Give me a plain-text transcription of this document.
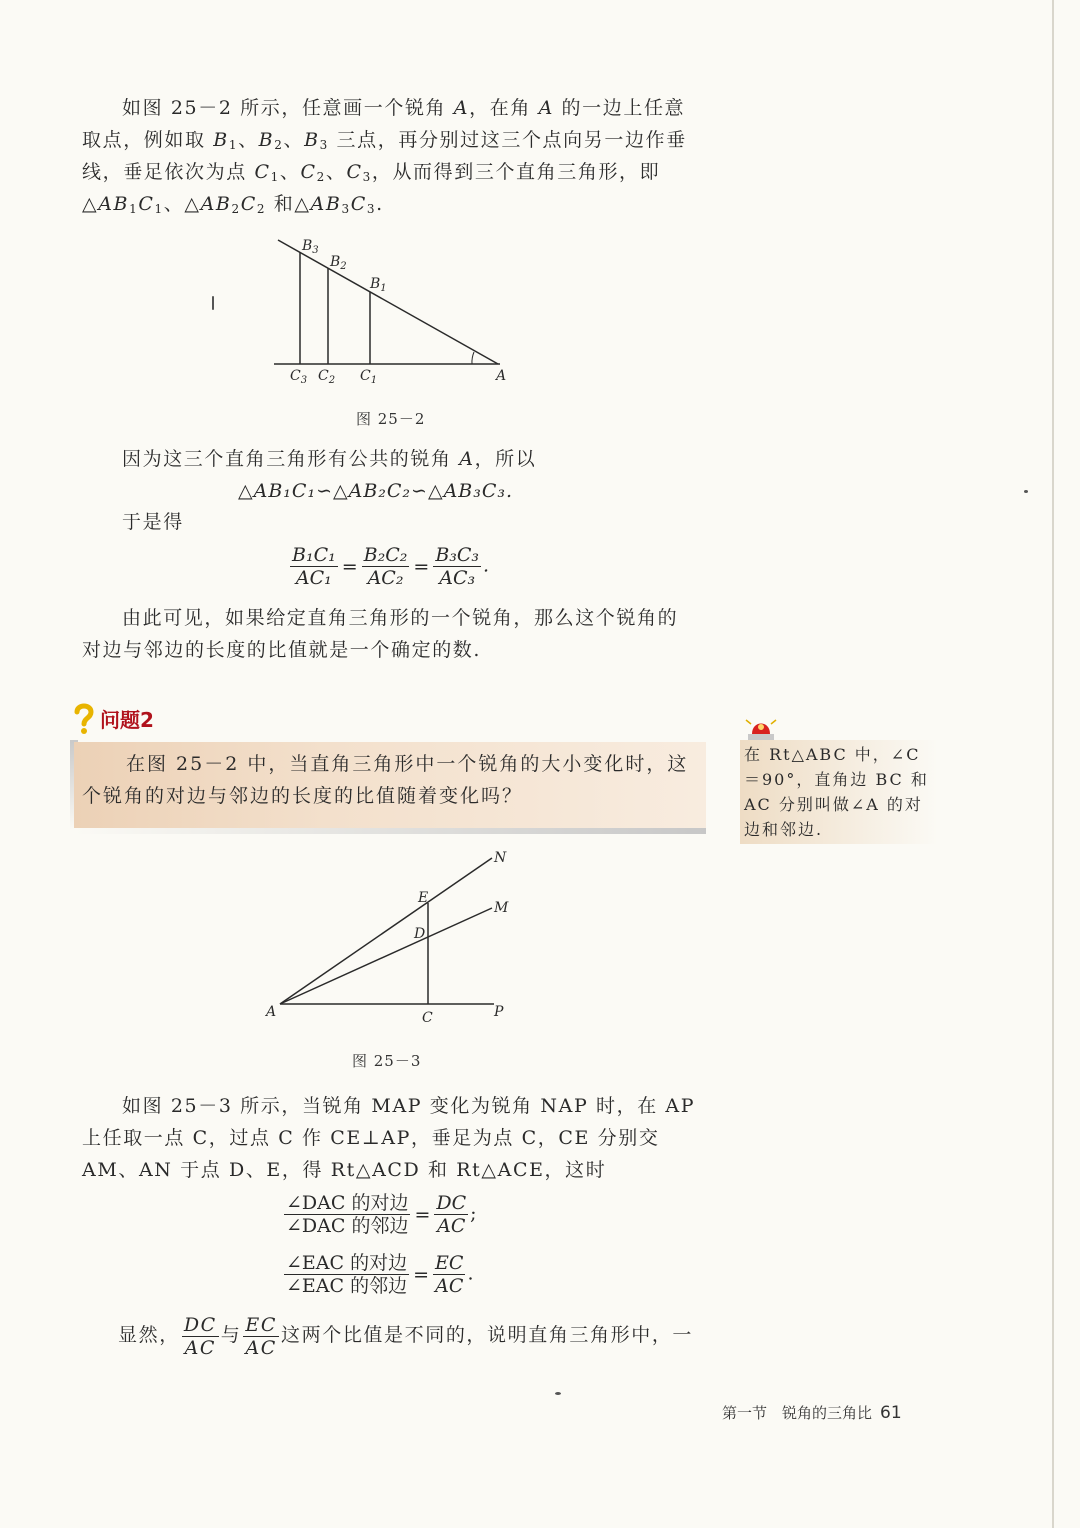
如图 25－2 所示，任意画一个锐角 A，在角 A 的一边上任意取点，例如取 $B_1$、$B_2$、$B_3$ 三点，再分别过这三个点向另一边作垂线，垂足依次为点 $C_1$、$C_2$、$C_3$，从而得到三个直角三角形，即$\triangle AB_1C_1$、$\triangle AB_2C_2$ 和$\triangle AB_3C_3$.
$B_3$
$B_2$
$B_1$
$C_3$ $C_2$ $C_1$	A
图 25－2
因为这三个直角三角形有公共的锐角 A，所以
△AB₁C₁∽△AB₂C₂∽△AB₃C₃.
于是得
$\frac{\text{B₁C₁}}{\text{AC₁}} = \frac{\text{B₂C₂}}{\text{AC₂}} = \frac{\text{B₃C₃}}{\text{AC₃}}$ .
由此可见，如果给定直角三角形的一个锐角，那么这个锐角的对边与邻边的长度的比值就是一个确定的数.
问题2
在图 25－2 中，当直角三角形中一个锐角的大小变化时，这个锐角的对边与邻边的长度的比值随着变化吗？
在 Rt△ABC 中，∠C＝90°，直角边 BC 和 AC 分别叫做∠A 的对边和邻边.
N
M
E
D
A	C	P
图 25－3
如图 25－3 所示，当锐角 MAP 变化为锐角 NAP 时，在 AP 上任取一点 C，过点 C 作 CE⊥AP，垂足为点 C，CE 分别交 AM、AN 于点 D、E，得 Rt△ACD 和 Rt△ACE，这时
$\frac{\text{∠DAC 的对边}}{\text{∠DAC 的邻边}} = \frac{DC}{AC}$ ;
$\frac{\text{∠EAC 的对边}}{\text{∠EAC 的邻边}} = \frac{EC}{AC}$ .
显然， $\frac{DC}{AC}$ 与 $\frac{EC}{AC}$ 这两个比值是不同的，说明直角三角形中，一
第一节　锐角的三角比 61
